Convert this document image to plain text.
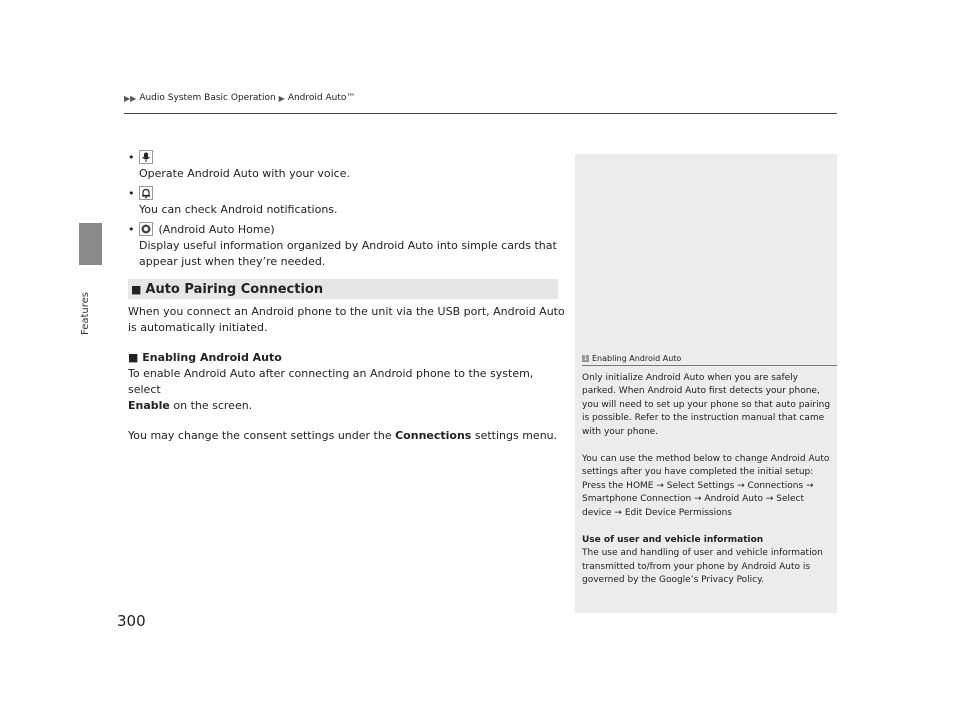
Features
▶▶ Audio System Basic Operation ▶ Android Auto™
•

Operate Android Auto with your voice.
•

You can check Android notifications.
• (Android Auto Home)
Display useful information organized by Android Auto into simple cards that appear just when they’re needed.
■ Auto Pairing Connection
When you connect an Android phone to the unit via the USB port, Android Auto is automatically initiated.
■ Enabling Android Auto
To enable Android Auto after connecting an Android phone to the system, select
Enable on the screen.
You may change the consent settings under the Connections settings menu.
1 Enabling Android Auto

Only initialize Android Auto when you are safely parked. When Android Auto first detects your phone, you will need to set up your phone so that auto pairing is possible. Refer to the instruction manual that came with your phone.

You can use the method below to change Android Auto settings after you have completed the initial setup:

Press the HOME → Select Settings → Connections → Smartphone Connection → Android Auto → Select device → Edit Device Permissions

Use of user and vehicle information

The use and handling of user and vehicle information transmitted to/from your phone by Android Auto is governed by the Google’s Privacy Policy.

300
